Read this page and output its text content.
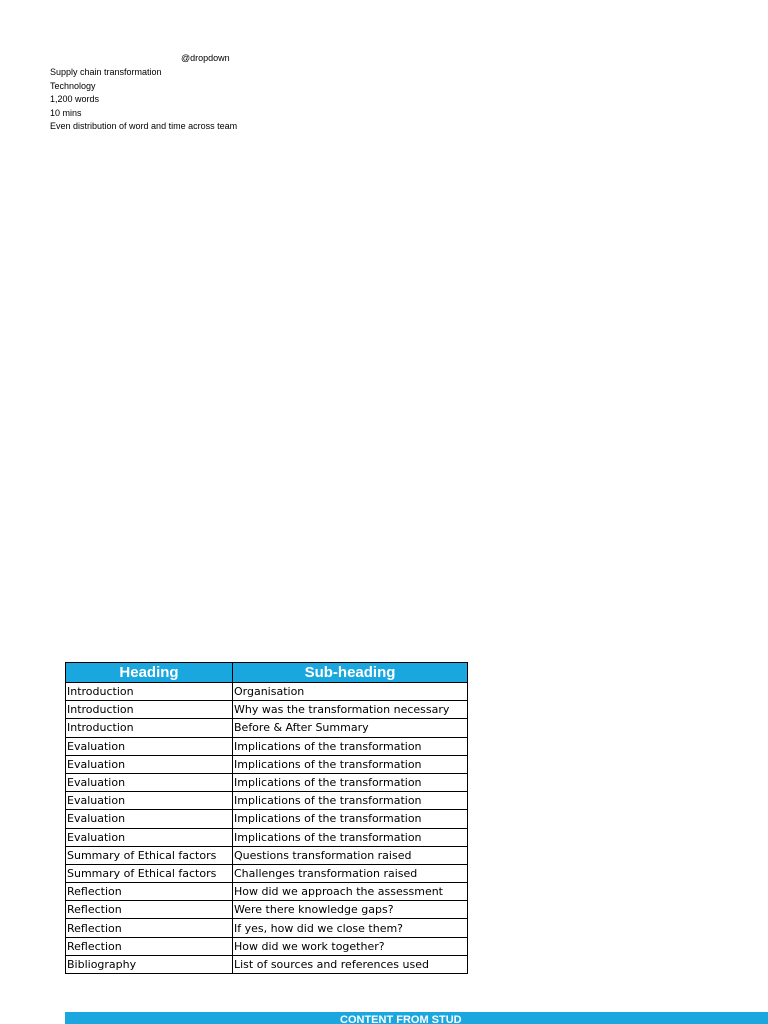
@dropdown
Supply chain transformation
Technology
1,200 words
10 mins
Even distribution of word and time across team
Heading	Sub-heading
Introduction	Organisation
Introduction	Why was the transformation necessary
Introduction	Before & After Summary
Evaluation	Implications of the transformation
Evaluation	Implications of the transformation
Evaluation	Implications of the transformation
Evaluation	Implications of the transformation
Evaluation	Implications of the transformation
Evaluation	Implications of the transformation
Summary of Ethical factors	Questions transformation raised
Summary of Ethical factors	Challenges transformation raised
Reflection	How did we approach the assessment
Reflection	Were there knowledge gaps?
Reflection	If yes, how did we close them?
Reflection	How did we work together?
Bibliography	List of sources and references used
CONTENT FROM STUD
